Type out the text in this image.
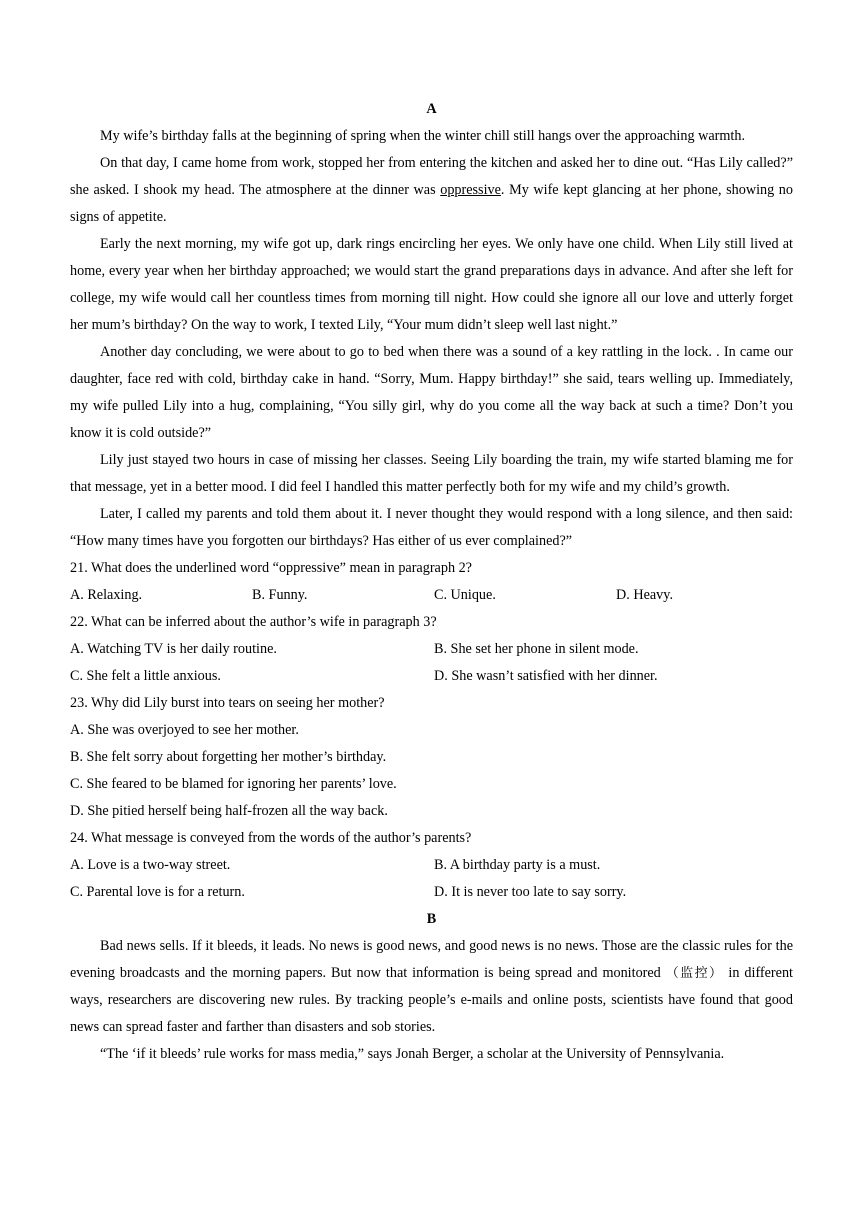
A

My wife’s birthday falls at the beginning of spring when the winter chill still hangs over the approaching warmth.

On that day, I came home from work, stopped her from entering the kitchen and asked her to dine out. “Has Lily called?” she asked. I shook my head. The atmosphere at the dinner was oppressive. My wife kept glancing at her phone, showing no signs of appetite.

Early the next morning, my wife got up, dark rings encircling her eyes. We only have one child. When Lily still lived at home, every year when her birthday approached; we would start the grand preparations days in advance. And after she left for college, my wife would call her countless times from morning till night. How could she ignore all our love and utterly forget her mum’s birthday? On the way to work, I texted Lily, “Your mum didn’t sleep well last night.”

Another day concluding, we were about to go to bed when there was a sound of a key rattling in the lock. . In came our daughter, face red with cold, birthday cake in hand. “Sorry, Mum. Happy birthday!” she said, tears welling up. Immediately, my wife pulled Lily into a hug, complaining, “You silly girl, why do you come all the way back at such a time? Don’t you know it is cold outside?”

Lily just stayed two hours in case of missing her classes. Seeing Lily boarding the train, my wife started blaming me for that message, yet in a better mood. I did feel I handled this matter perfectly both for my wife and my child’s growth.

Later, I called my parents and told them about it. I never thought they would respond with a long silence, and then said: “How many times have you forgotten our birthdays? Has either of us ever complained?”

21. What does the underlined word “oppressive” mean in paragraph 2?

A. Relaxing.	B. Funny.	C. Unique.	D. Heavy.

22. What can be inferred about the author’s wife in paragraph 3?

A. Watching TV is her daily routine.	B. She set her phone in silent mode.
C. She felt a little anxious.	D. She wasn’t satisfied with her dinner.

23. Why did Lily burst into tears on seeing her mother?

A. She was overjoyed to see her mother.

B. She felt sorry about forgetting her mother’s birthday.

C. She feared to be blamed for ignoring her parents’ love.

D. She pitied herself being half-frozen all the way back.

24. What message is conveyed from the words of the author’s parents?

A. Love is a two-way street.	B. A birthday party is a must.
C. Parental love is for a return.	D. It is never too late to say sorry.
B

Bad news sells. If it bleeds, it leads. No news is good news, and good news is no news. Those are the classic rules for the evening broadcasts and the morning papers. But now that information is being spread and monitored （监控） in different ways, researchers are discovering new rules. By tracking people’s e-mails and online posts, scientists have found that good news can spread faster and farther than disasters and sob stories.

“The ‘if it bleeds’ rule works for mass media,” says Jonah Berger, a scholar at the University of Pennsylvania.
